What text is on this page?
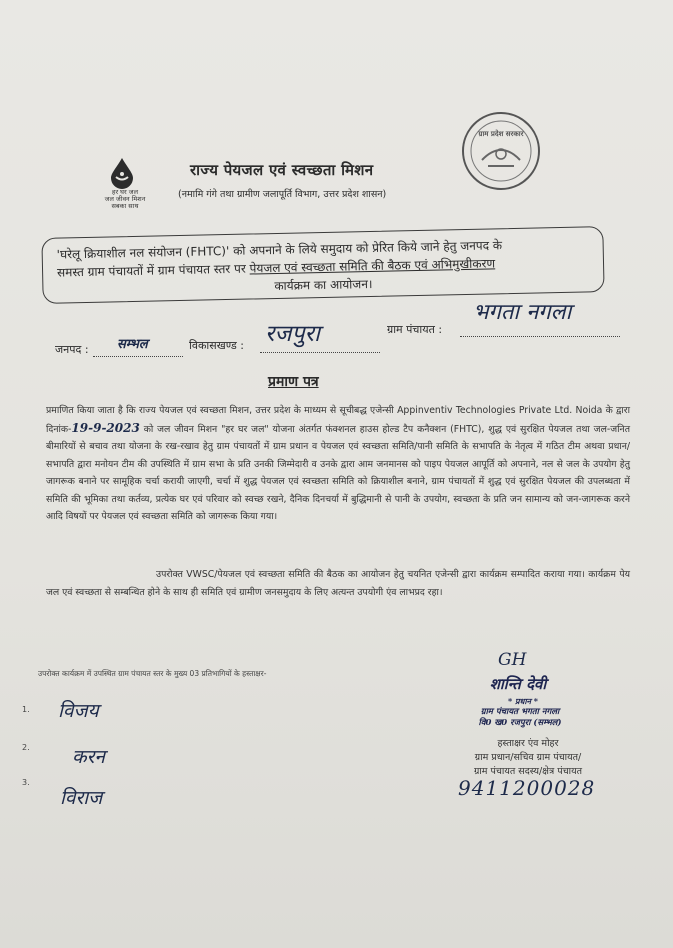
हर घर जल
जल जीवन मिशन
सबका साथ
राज्य पेयजल एवं स्वच्छता मिशन
(नमामि गंगे तथा ग्रामीण जलापूर्ति विभाग, उत्तर प्रदेश शासन)
ग्राम प्रदेश सरकार

'घरेलू क्रियाशील नल संयोजन (FHTC)' को अपनाने के लिये समुदाय को प्रेरित किये जाने हेतु जनपद के

समस्त ग्राम पंचायतों में ग्राम पंचायत स्तर पर पेयजल एवं स्वच्छता समिति की बैठक एवं अभिमुखीकरण

कार्यक्रम का आयोजन।

जनपद : सम्भल	विकासखण्ड : रजपुरा	ग्राम पंचायत :
भगता नगला
प्रमाण पत्र
प्रमाणित किया जाता है कि राज्य पेयजल एवं स्वच्छता मिशन, उत्तर प्रदेश के माध्यम से सूचीबद्ध एजेन्सी Appinventiv Technologies Private Ltd. Noida के द्वारा दिनांक-19-9-2023 को जल जीवन मिशन "हर घर जल" योजना अंतर्गत फंक्शनल हाउस होल्ड टैप कनैक्शन (FHTC), शुद्ध एवं सुरक्षित पेयजल तथा जल-जनित बीमारियों से बचाव तथा योजना के रख-रखाव हेतु ग्राम पंचायतों में ग्राम प्रधान व पेयजल एवं स्वच्छता समिति/पानी समिति के सभापति के नेतृत्व में गठित टीम अथवा प्रधान/सभापति द्वारा मनोयन टीम की उपस्थिति में ग्राम सभा के प्रति उनकी जिम्मेदारी व उनके द्वारा आम जनमानस को पाइप पेयजल आपूर्ति को अपनाने, नल से जल के उपयोग हेतु जागरूक बनाने पर सामूहिक चर्चा करायी जाएगी, चर्चा में शुद्ध पेयजल एवं स्वच्छता समिति को क्रियाशील बनाने, ग्राम पंचायतों में शुद्ध एवं सुरक्षित पेयजल की उपलब्धता में समिति की भूमिका तथा कर्तव्य, प्रत्येक घर एवं परिवार को स्वच्छ रखने, दैनिक दिनचर्या में बुद्धिमानी से पानी के उपयोग, स्वच्छता के प्रति जन सामान्य को जन-जागरूक करने आदि विषयों पर पेयजल एवं स्वच्छता समिति को जागरूक किया गया।
उपरोक्त VWSC/पेयजल एवं स्वच्छता समिति की बैठक का आयोजन हेतु चयनित एजेन्सी द्वारा कार्यक्रम सम्पादित कराया गया। कार्यक्रम पेय जल एवं स्वच्छता से सम्बन्धित होने के साथ ही समिति एवं ग्रामीण जनसमुदाय के लिए अत्यन्त उपयोगी एंव लाभप्रद रहा।
उपरोक्त कार्यक्रम में उपस्थित ग्राम पंचायत स्तर के मुख्य 03 प्रतिभागियों के हस्ताक्षर-
1. विजय
2. करन
3.
विराज
GH
शान्ति देवी
* प्रधान *
ग्राम पंचायत भगता नगला
वि0 ख0 रजपुरा (सम्भल)
हस्ताक्षर एंव मोहर
ग्राम प्रधान/सचिव ग्राम पंचायत/
ग्राम पंचायत सदस्य/क्षेत्र पंचायत
9411200028
